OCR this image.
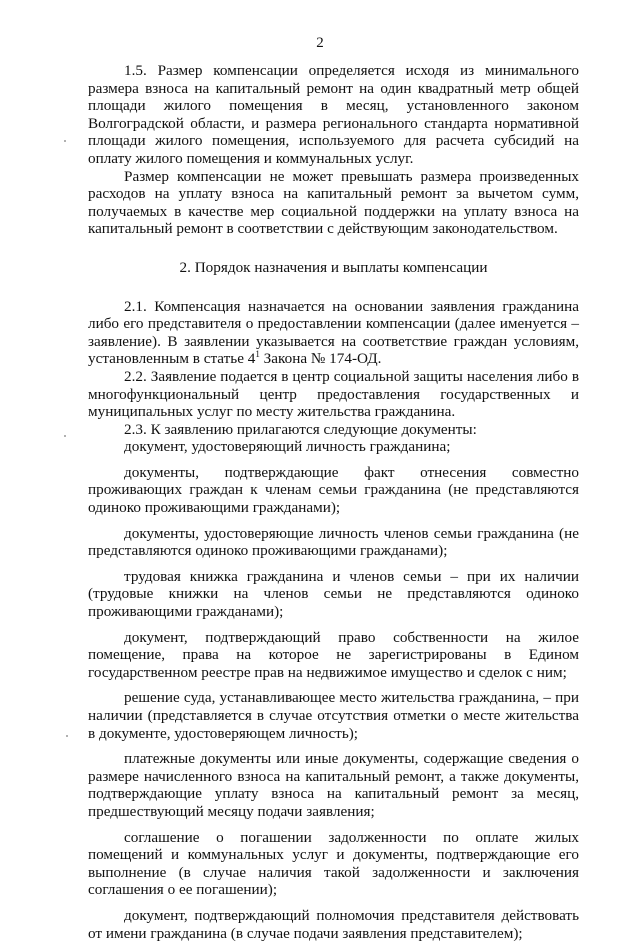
2

1.5. Размер компенсации определяется исходя из минимального размера взноса на капитальный ремонт на один квадратный метр общей площади жилого помещения в месяц, установленного законом Волгоградской области, и размера регионального стандарта нормативной площади жилого помещения, используемого для расчета субсидий на оплату жилого помещения и коммунальных услуг.

Размер компенсации не может превышать размера произведенных расходов на уплату взноса на капитальный ремонт за вычетом сумм, получаемых в качестве мер социальной поддержки на уплату взноса на капитальный ремонт в соответствии с действующим законодательством.

2. Порядок назначения и выплаты компенсации

2.1. Компенсация назначается на основании заявления гражданина либо его представителя о предоставлении компенсации (далее именуется – заявление). В заявлении указывается на соответствие граждан условиям, установленным в статье $4^1$ Закона № 174-ОД.

2.2. Заявление подается в центр социальной защиты населения либо в многофункциональный центр предоставления государственных и муниципальных услуг по месту жительства гражданина.

2.3. К заявлению прилагаются следующие документы:

документ, удостоверяющий личность гражданина;

документы, подтверждающие факт отнесения совместно проживающих граждан к членам семьи гражданина (не представляются одиноко проживающими гражданами);

документы, удостоверяющие личность членов семьи гражданина (не представляются одиноко проживающими гражданами);

трудовая книжка гражданина и членов семьи – при их наличии (трудовые книжки на членов семьи не представляются одиноко проживающими гражданами);

документ, подтверждающий право собственности на жилое помещение, права на которое не зарегистрированы в Едином государственном реестре прав на недвижимое имущество и сделок с ним;

решение суда, устанавливающее место жительства гражданина, – при наличии (представляется в случае отсутствия отметки о месте жительства в документе, удостоверяющем личность);

платежные документы или иные документы, содержащие сведения о размере начисленного взноса на капитальный ремонт, а также документы, подтверждающие уплату взноса на капитальный ремонт за месяц, предшествующий месяцу подачи заявления;

соглашение о погашении задолженности по оплате жилых помещений и коммунальных услуг и документы, подтверждающие его выполнение (в случае наличия такой задолженности и заключения соглашения о ее погашении);

документ, подтверждающий полномочия представителя действовать от имени гражданина (в случае подачи заявления представителем);
